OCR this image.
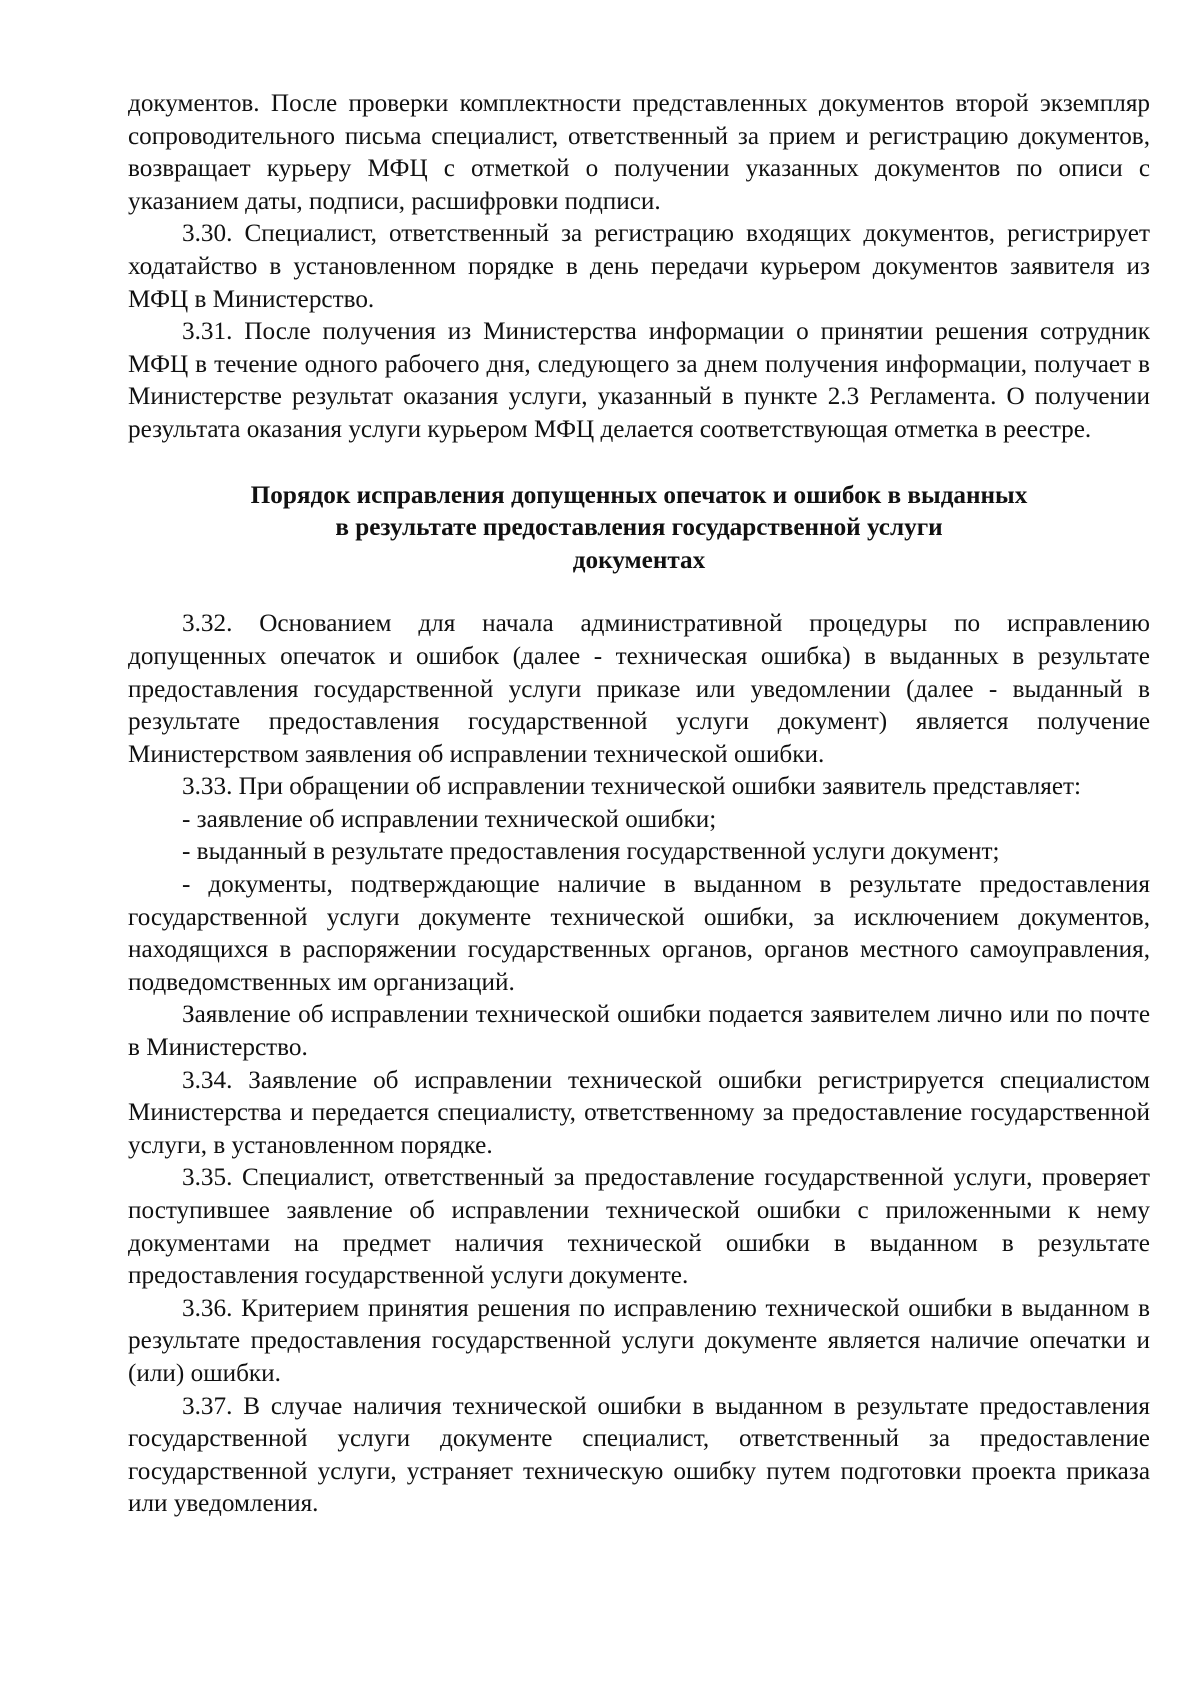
документов. После проверки комплектности представленных документов второй экземпляр сопроводительного письма специалист, ответственный за прием и регистрацию документов, возвращает курьеру МФЦ с отметкой о получении указанных документов по описи с указанием даты, подписи, расшифровки подписи.

3.30. Специалист, ответственный за регистрацию входящих документов, регистрирует ходатайство в установленном порядке в день передачи курьером документов заявителя из МФЦ в Министерство.

3.31. После получения из Министерства информации о принятии решения сотрудник МФЦ в течение одного рабочего дня, следующего за днем получения информации, получает в Министерстве результат оказания услуги, указанный в пункте 2.3 Регламента. О получении результата оказания услуги курьером МФЦ делается соответствующая отметка в реестре.

Порядок исправления допущенных опечаток и ошибок в выданных
в результате предоставления государственной услуги
документах

3.32. Основанием для начала административной процедуры по исправлению допущенных опечаток и ошибок (далее - техническая ошибка) в выданных в результате предоставления государственной услуги приказе или уведомлении (далее - выданный в результате предоставления государственной услуги документ) является получение Министерством заявления об исправлении технической ошибки.

3.33. При обращении об исправлении технической ошибки заявитель представляет:

- заявление об исправлении технической ошибки;

- выданный в результате предоставления государственной услуги документ;

- документы, подтверждающие наличие в выданном в результате предоставления государственной услуги документе технической ошибки, за исключением документов, находящихся в распоряжении государственных органов, органов местного самоуправления, подведомственных им организаций.

Заявление об исправлении технической ошибки подается заявителем лично или по почте в Министерство.

3.34. Заявление об исправлении технической ошибки регистрируется специалистом Министерства и передается специалисту, ответственному за предоставление государственной услуги, в установленном порядке.

3.35. Специалист, ответственный за предоставление государственной услуги, проверяет поступившее заявление об исправлении технической ошибки с приложенными к нему документами на предмет наличия технической ошибки в выданном в результате предоставления государственной услуги документе.

3.36. Критерием принятия решения по исправлению технической ошибки в выданном в результате предоставления государственной услуги документе является наличие опечатки и (или) ошибки.

3.37. В случае наличия технической ошибки в выданном в результате предоставления государственной услуги документе специалист, ответственный за предоставление государственной услуги, устраняет техническую ошибку путем подготовки проекта приказа или уведомления.
